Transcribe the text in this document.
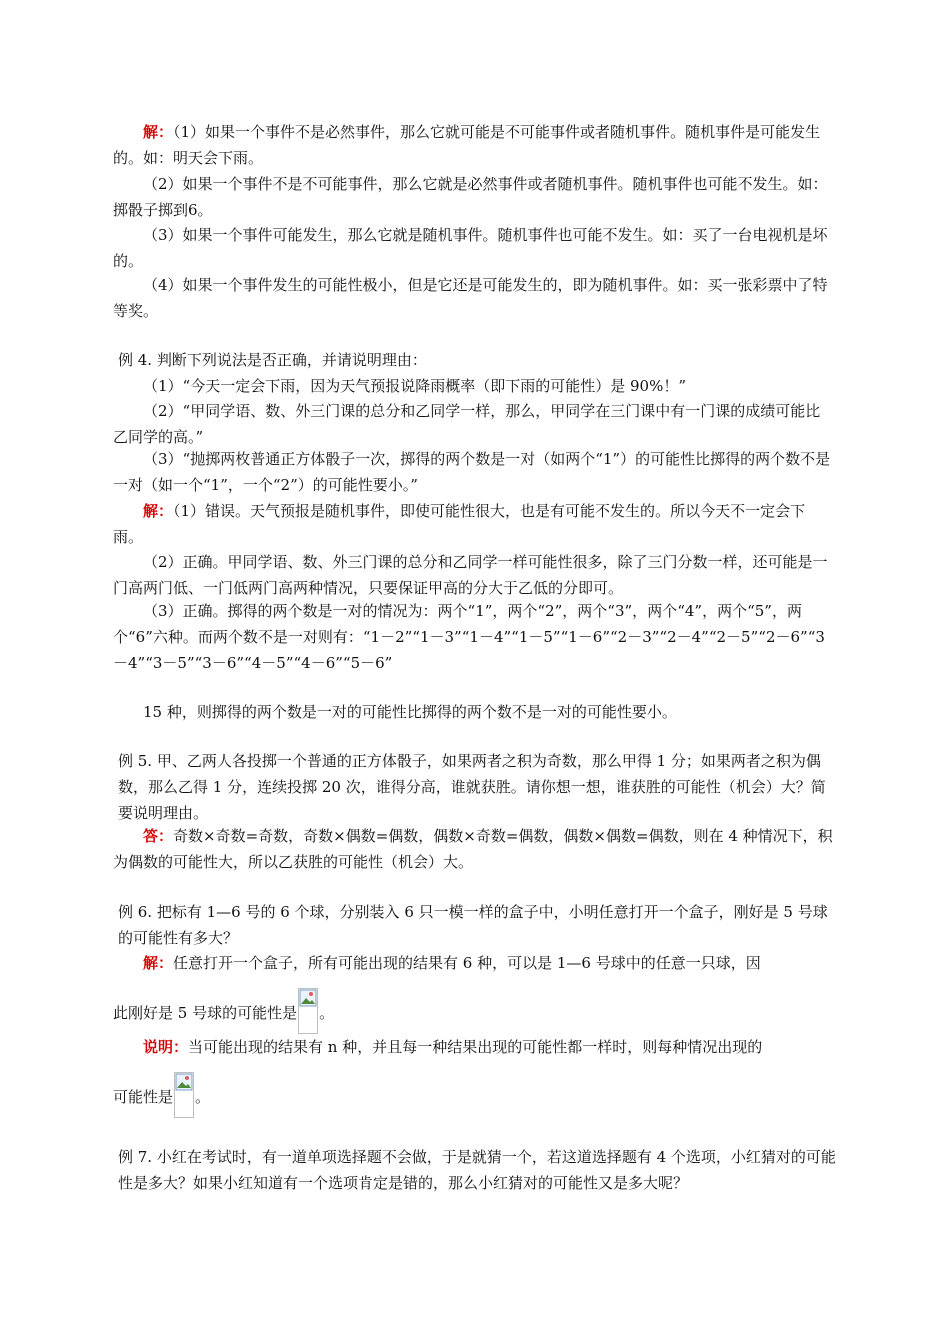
解：（1）如果一个事件不是必然事件，那么它就可能是不可能事件或者随机事件。随机事件是可能发生的。如：明天会下雨。

（2）如果一个事件不是不可能事件，那么它就是必然事件或者随机事件。随机事件也可能不发生。如：掷骰子掷到6。

（3）如果一个事件可能发生，那么它就是随机事件。随机事件也可能不发生。如：买了一台电视机是坏的。

（4）如果一个事件发生的可能性极小，但是它还是可能发生的，即为随机事件。如：买一张彩票中了特等奖。

例 4. 判断下列说法是否正确，并请说明理由：

（1）“今天一定会下雨，因为天气预报说降雨概率（即下雨的可能性）是 90%！”

（2）“甲同学语、数、外三门课的总分和乙同学一样，那么，甲同学在三门课中有一门课的成绩可能比乙同学的高。”

（3）“抛掷两枚普通正方体骰子一次，掷得的两个数是一对（如两个“1”）的可能性比掷得的两个数不是一对（如一个“1”，一个“2”）的可能性要小。”

解：（1）错误。天气预报是随机事件，即使可能性很大，也是有可能不发生的。所以今天不一定会下雨。

（2）正确。甲同学语、数、外三门课的总分和乙同学一样可能性很多，除了三门分数一样，还可能是一门高两门低、一门低两门高两种情况，只要保证甲高的分大于乙低的分即可。

（3）正确。掷得的两个数是一对的情况为：两个“1”，两个“2”，两个“3”，两个“4”，两个“5”，两个“6”六种。而两个数不是一对则有：“1－2”“1－3”“1－4”“1－5”“1－6”“2－3”“2－4”“2－5”“2－6”“3－4”“3－5”“3－6”“4－5”“4－6”“5－6”

15 种，则掷得的两个数是一对的可能性比掷得的两个数不是一对的可能性要小。

例 5. 甲、乙两人各投掷一个普通的正方体骰子，如果两者之积为奇数，那么甲得 1 分；如果两者之积为偶数，那么乙得 1 分，连续投掷 20 次，谁得分高，谁就获胜。请你想一想，谁获胜的可能性（机会）大？简要说明理由。

答：奇数×奇数=奇数，奇数×偶数=偶数，偶数×奇数=偶数，偶数×偶数=偶数，则在 4 种情况下，积为偶数的可能性大，所以乙获胜的可能性（机会）大。

例 6. 把标有 1—6 号的 6 个球，分别装入 6 只一模一样的盒子中，小明任意打开一个盒子，刚好是 5 号球的可能性有多大？

解：任意打开一个盒子，所有可能出现的结果有 6 种，可以是 1—6 号球中的任意一只球，因

此刚好是 5 号球的可能性是 。

说明：当可能出现的结果有 n 种，并且每一种结果出现的可能性都一样时，则每种情况出现的

可能性是 。

例 7. 小红在考试时，有一道单项选择题不会做，于是就猜一个，若这道选择题有 4 个选项，小红猜对的可能性是多大？如果小红知道有一个选项肯定是错的，那么小红猜对的可能性又是多大呢？
